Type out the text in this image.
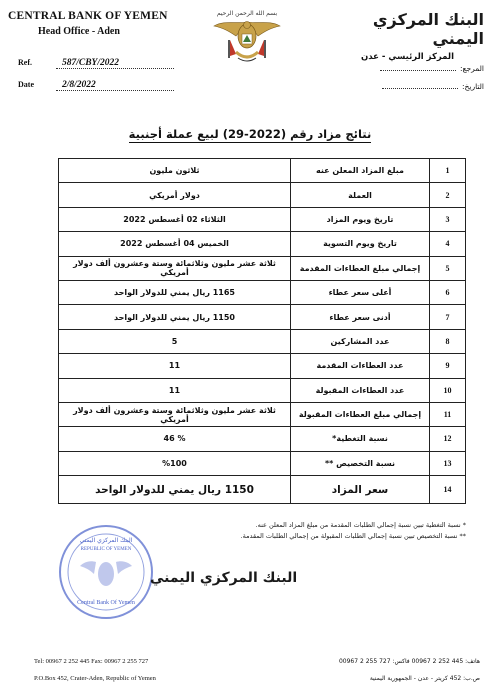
CENTRAL BANK OF YEMEN
Head Office - Aden
Ref.	587/CBY/2022
Date	2/8/2022
بسم الله الرحمن الرحيم	البنك المركزي اليمني
المركز الرئيسي - عدن
المرجع:
التاريخ:
نتائج مزاد رقم (2022-29) لبيع عملة أجنبية
1	مبلغ المزاد المعلن عنه	ثلاثون مليون
2	العملة	دولار أمريكي
3	تاريخ ويوم المزاد	الثلاثاء 02 أغسطس 2022
4	تاريخ ويوم التسوية	الخميس 04 أغسطس 2022
5	إجمالي مبلغ العطاءات المقدمة	ثلاثة عشر مليون وثلاثمائة وستة وعشرون ألف دولار أمريكي
6	أعلى سعر عطاء	1165 ريال يمني للدولار الواحد
7	أدنى سعر عطاء	1150 ريال يمني للدولار الواحد
8	عدد المشاركين	5
9	عدد العطاءات المقدمة	11
10	عدد العطاءات المقبولة	11
11	إجمالي مبلغ العطاءات المقبولة	ثلاثة عشر مليون وثلاثمائة وستة وعشرون ألف دولار أمريكي
12	نسبة التغطية*	% 46
13	نسبة التخصيص **	%100
14	سعر المزاد	1150 ريال يمني للدولار الواحد
* نسبة التغطية تبين نسبة إجمالي الطلبات المقدمة من مبلغ المزاد المعلن عنه.
** نسبة التخصيص تبين نسبة إجمالي الطلبات المقبولة من إجمالي الطلبات المقدمة.
البنك المركزي اليمني
REPUBLIC OF YEMEN
Central Bank Of Yemen
البنك المركزي اليمني
Tel: 00967 2 252 445 Fax: 00967 2 255 727
P.O.Box 452, Crater-Aden, Republic of Yemen
هاتف: 445 252 2 00967 فاكس: 727 255 2 00967
ص.ب: 452 كريتر - عدن - الجمهورية اليمنية
